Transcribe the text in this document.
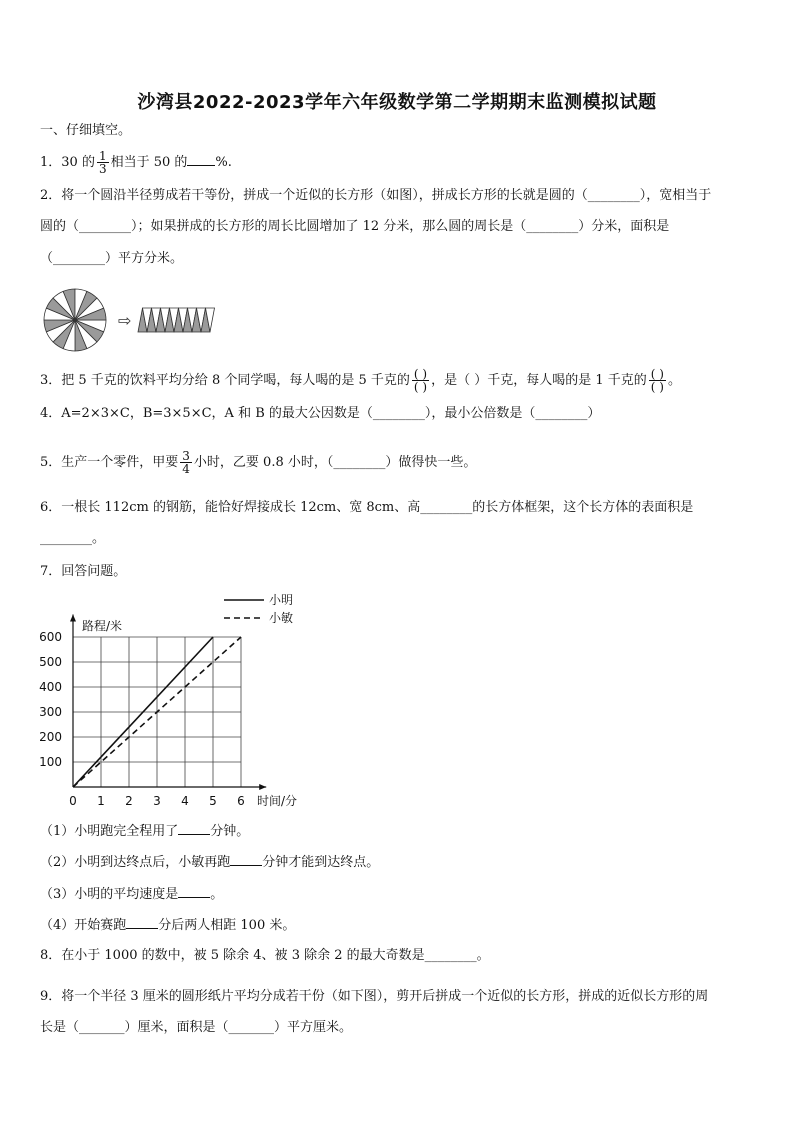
沙湾县2022-2023学年六年级数学第二学期期末监测模拟试题
一、仔细填空。
1．30 的 $\frac{1}{3}$ 相当于 50 的 %.
2．将一个圆沿半径剪成若干等份，拼成一个近似的长方形（如图），拼成长方形的长就是圆的（________），宽相当于
圆的（________）；如果拼成的长方形的周长比圆增加了 12 分米，那么圆的周长是（________）分米，面积是
（________）平方分米。
⇨
3．把 5 千克的饮料平均分给 8 个同学喝，每人喝的是 5 千克的 $\frac{( )}{( )}$ ，是（ ）千克，每人喝的是 1 千克的 $\frac{( )}{( )}$ 。
4．A=2×3×C，B=3×5×C，A 和 B 的最大公因数是（________），最小公倍数是（________）
5．生产一个零件，甲要 $\frac{3}{4}$ 小时，乙要 0.8 小时，（________）做得快一些。
6．一根长 112cm 的钢筋，能恰好焊接成长 12cm、宽 8cm、高________的长方体框架，这个长方体的表面积是
________。
7．回答问题。
0 1 2 3 4 5 6
100
200
300
400
500
600
小明
小敏
路程/米
时间/分
（1）小明跑完全程用了 分钟。
（2）小明到达终点后，小敏再跑 分钟才能到达终点。
（3）小明的平均速度是 。
（4）开始赛跑 分后两人相距 100 米。
8．在小于 1000 的数中，被 5 除余 4、被 3 除余 2 的最大奇数是________。
9．将一个半径 3 厘米的圆形纸片平均分成若干份（如下图），剪开后拼成一个近似的长方形，拼成的近似长方形的周
长是（_______）厘米，面积是（_______）平方厘米。
